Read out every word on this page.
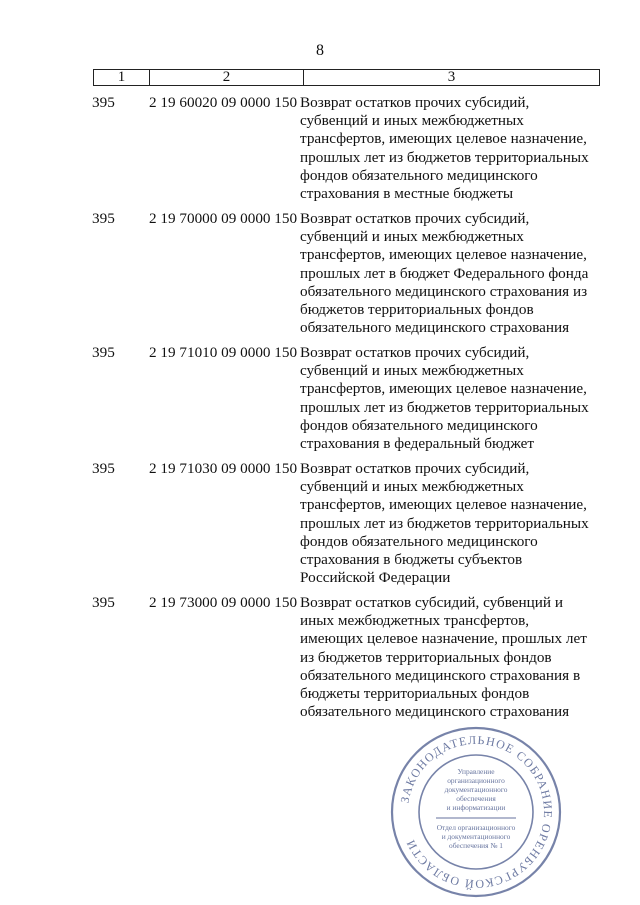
8
1	2	3
395 2 19 60020 09 0000 150 Возврат остатков прочих субсидий,
субвенций и иных межбюджетных
трансфертов, имеющих целевое назначение,
прошлых лет из бюджетов территориальных
фондов обязательного медицинского
страхования в местные бюджеты
395 2 19 70000 09 0000 150 Возврат остатков прочих субсидий,
субвенций и иных межбюджетных
трансфертов, имеющих целевое назначение,
прошлых лет в бюджет Федерального фонда
обязательного медицинского страхования из
бюджетов территориальных фондов
обязательного медицинского страхования
395 2 19 71010 09 0000 150 Возврат остатков прочих субсидий,
субвенций и иных межбюджетных
трансфертов, имеющих целевое назначение,
прошлых лет из бюджетов территориальных
фондов обязательного медицинского
страхования в федеральный бюджет
395 2 19 71030 09 0000 150 Возврат остатков прочих субсидий,
субвенций и иных межбюджетных
трансфертов, имеющих целевое назначение,
прошлых лет из бюджетов территориальных
фондов обязательного медицинского
страхования в бюджеты субъектов
Российской Федерации
395 2 19 73000 09 0000 150 Возврат остатков субсидий, субвенций и
иных межбюджетных трансфертов,
имеющих целевое назначение, прошлых лет
из бюджетов территориальных фондов
обязательного медицинского страхования в
бюджеты территориальных фондов
обязательного медицинского страхования
ЗАКОНОДАТЕЛЬНОЕ СОБРАНИЕ ОРЕНБУРГСКОЙ ОБЛАСТИ
Управление
организационного
документационного
обеспечения
и информатизации
Отдел организационного
и документационного
обеспечения № 1
